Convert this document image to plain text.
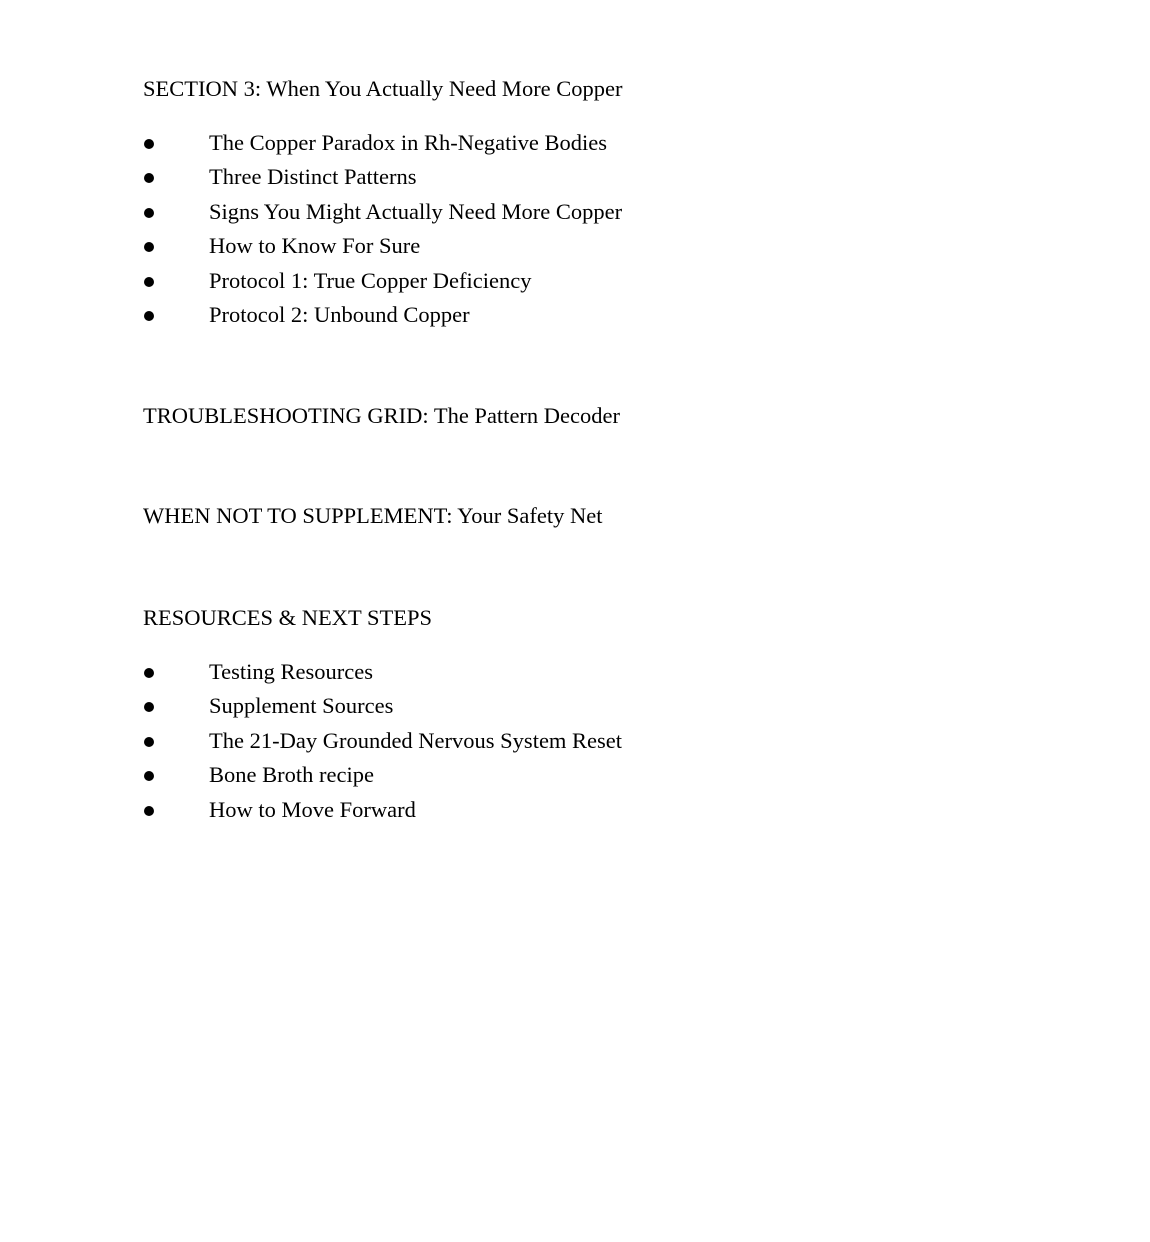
SECTION 3: When You Actually Need More Copper
The Copper Paradox in Rh-Negative Bodies
Three Distinct Patterns
Signs You Might Actually Need More Copper
How to Know For Sure
Protocol 1: True Copper Deficiency
Protocol 2: Unbound Copper
TROUBLESHOOTING GRID: The Pattern Decoder
WHEN NOT TO SUPPLEMENT: Your Safety Net
RESOURCES & NEXT STEPS
Testing Resources
Supplement Sources
The 21-Day Grounded Nervous System Reset
Bone Broth recipe
How to Move Forward
